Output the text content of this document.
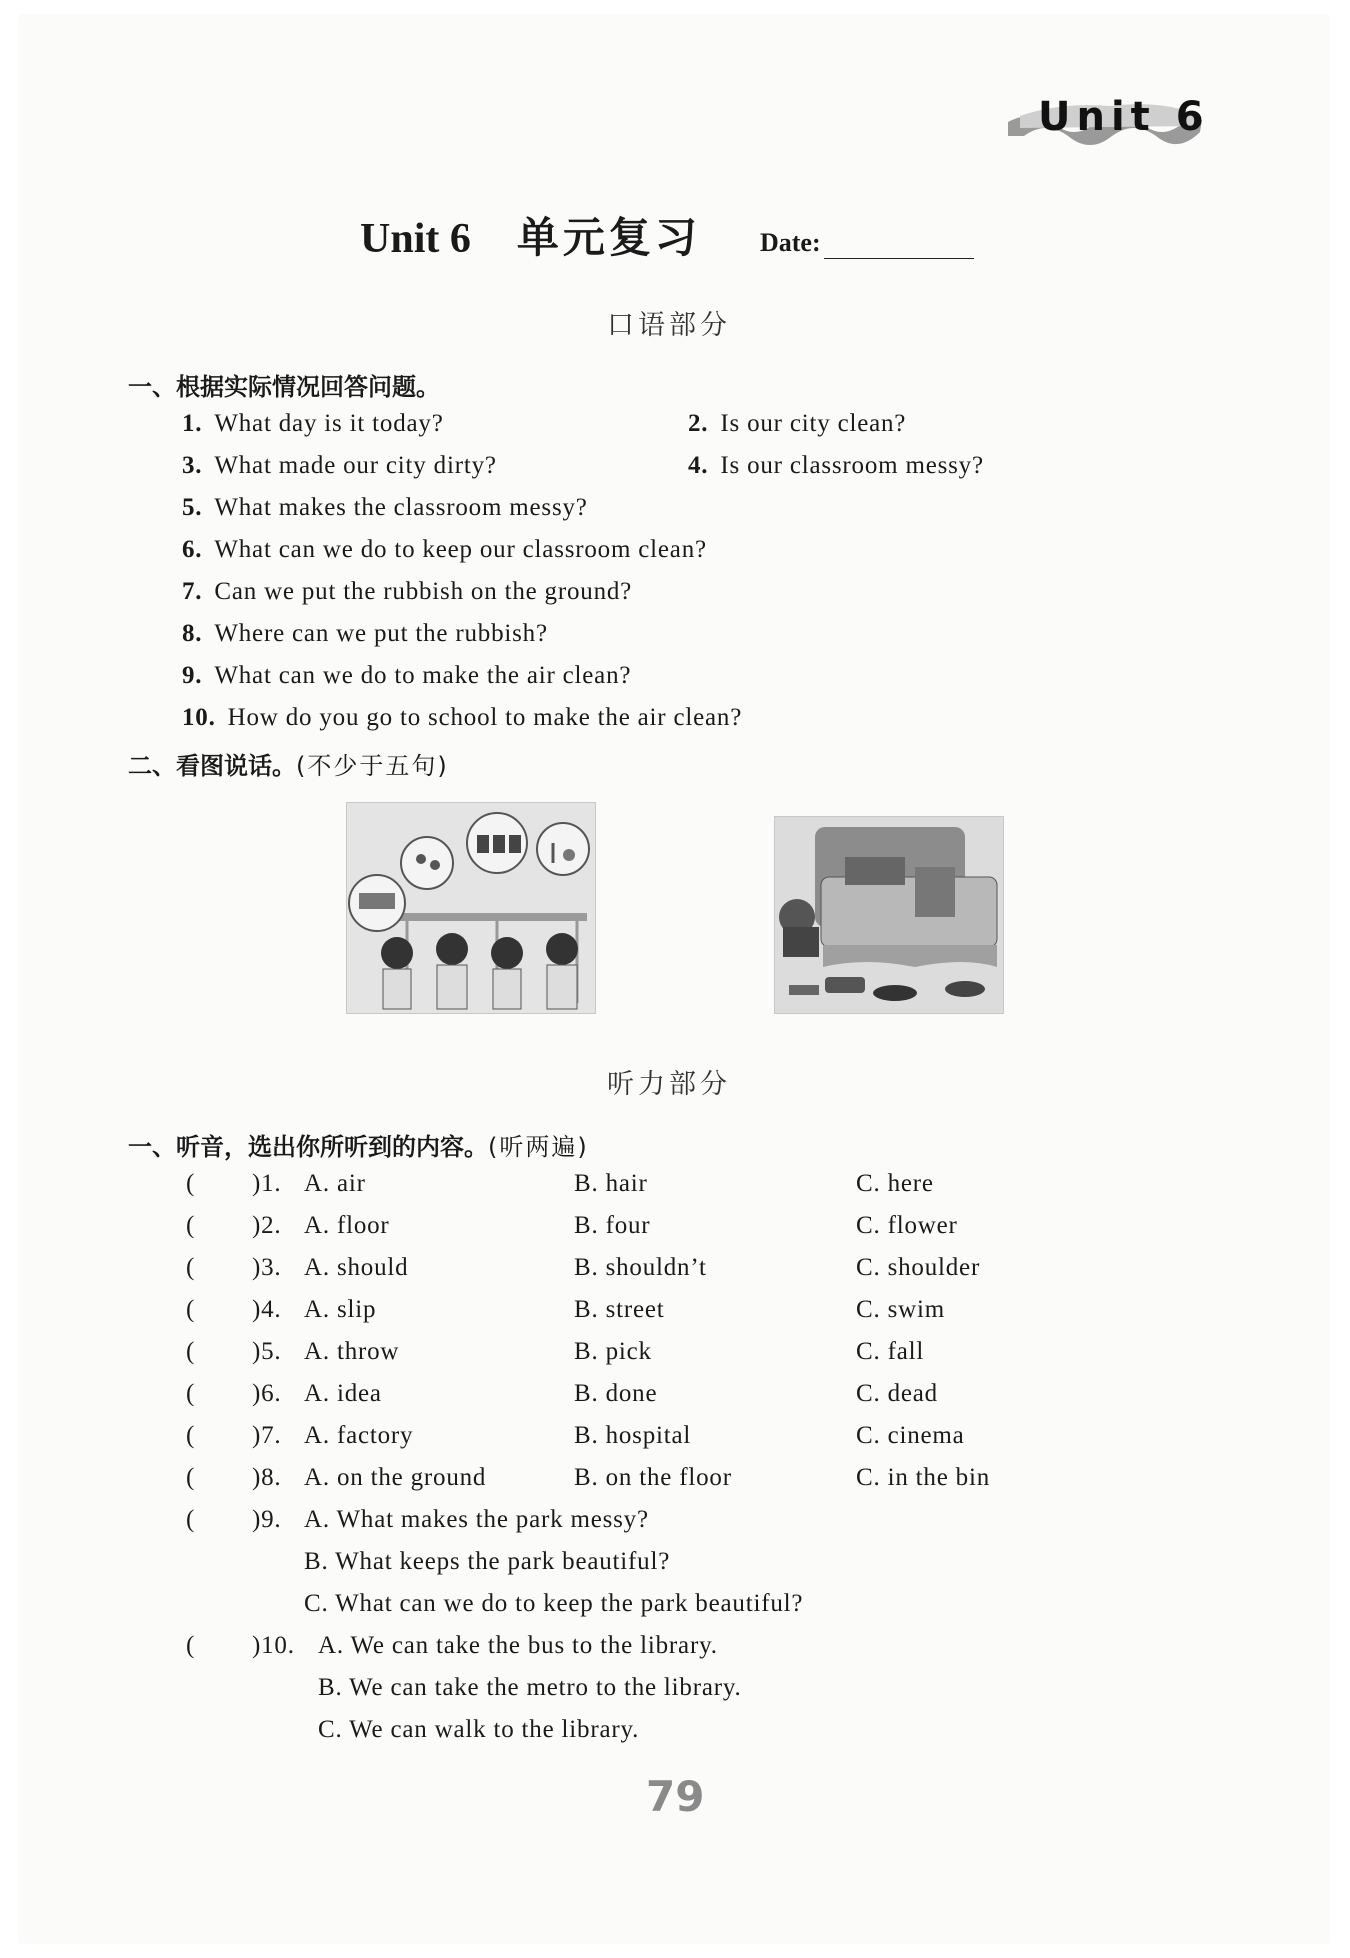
Unit 6
Unit 6 单元复习 Date:
口语部分
一、根据实际情况回答问题。
1. What day is it today?	2. Is our city clean?
3. What made our city dirty?	4. Is our classroom messy?
5. What makes the classroom messy?
6. What can we do to keep our classroom clean?
7. Can we put the rubbish on the ground?
8. Where can we put the rubbish?
9. What can we do to make the air clean?
10. How do you go to school to make the air clean?
二、看图说话。(不少于五句)
听力部分
一、听音，选出你所听到的内容。(听两遍)
( )1. A. air	B. hair	C. here
( )2. A. floor	B. four	C. flower
( )3. A. should	B. shouldn’t	C. shoulder
( )4. A. slip	B. street	C. swim
( )5. A. throw	B. pick	C. fall
( )6. A. idea	B. done	C. dead
( )7. A. factory	B. hospital	C. cinema
( )8. A. on the ground	B. on the floor	C. in the bin
( )9. A. What makes the park messy?
B. What keeps the park beautiful?
C. What can we do to keep the park beautiful?
( )10. A. We can take the bus to the library.
B. We can take the metro to the library.
C. We can walk to the library.
79
